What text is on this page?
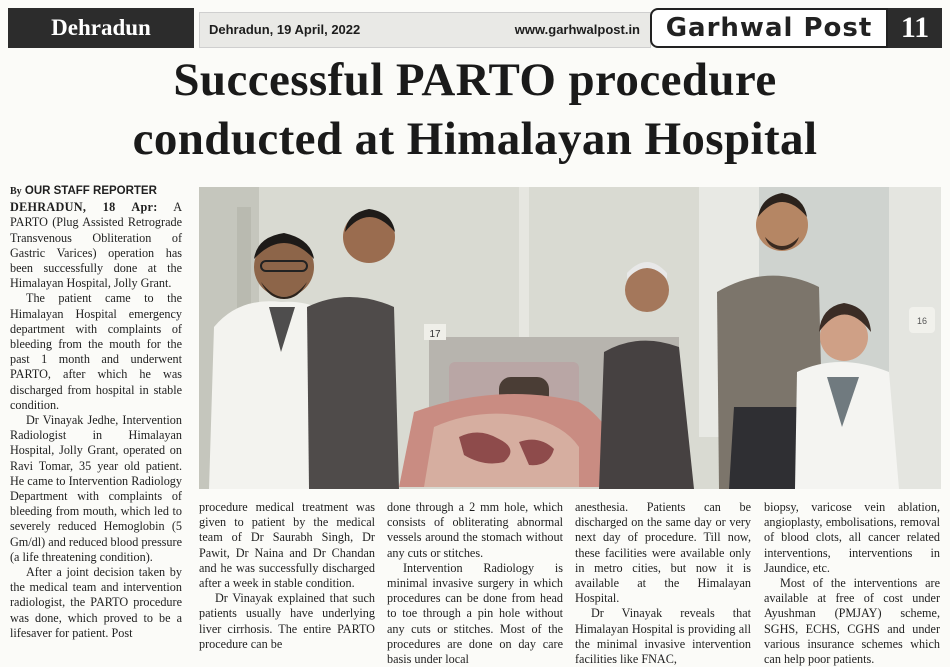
Dehradun	Dehradun, 19 April, 2022	www.garhwalpost.in Garhwal Post 11
Successful PARTO procedure
conducted at Himalayan Hospital
By OUR STAFF REPORTER

DEHRADUN, 18 Apr: A PARTO (Plug Assisted Retrograde Transvenous Obliteration of Gastric Varices) operation has been successfully done at the Himalayan Hospital, Jolly Grant.

The patient came to the Himalayan Hospital emergency department with complaints of bleeding from the mouth for the past 1 month and underwent PARTO, after which he was discharged from hospital in stable condition.

Dr Vinayak Jedhe, Intervention Radiologist in Himalayan Hospital, Jolly Grant, operated on Ravi Tomar, 35 year old patient. He came to Intervention Radiology Department with complaints of bleeding from mouth, which led to severely reduced Hemoglobin (5 Gm/dl) and reduced blood pressure (a life threatening condition).

After a joint decision taken by the medical team and intervention radiologist, the PARTO procedure was done, which proved to be a lifesaver for patient. Post

17
16

procedure medical treatment was given to patient by the medical team of Dr Saurabh Singh, Dr Pawit, Dr Naina and Dr Chandan and he was successfully discharged after a week in stable condition.

Dr Vinayak explained that such patients usually have underlying liver cirrhosis. The entire PARTO procedure can be

done through a 2 mm hole, which consists of obliterating abnormal vessels around the stomach without any cuts or stitches.

Intervention Radiology is minimal invasive surgery in which procedures can be done from head to toe through a pin hole without any cuts or stitches. Most of the procedures are done on day care basis under local

anesthesia. Patients can be discharged on the same day or very next day of procedure. Till now, these facilities were available only in metro cities, but now it is available at the Himalayan Hospital.

Dr Vinayak reveals that Himalayan Hospital is providing all the minimal invasive intervention facilities like FNAC,

biopsy, varicose vein ablation, angioplasty, embolisations, removal of blood clots, all cancer related interventions, interventions in Jaundice, etc.

Most of the interventions are available at free of cost under Ayushman (PMJAY) scheme, SGHS, ECHS, CGHS and under various insurance schemes which can help poor patients.
